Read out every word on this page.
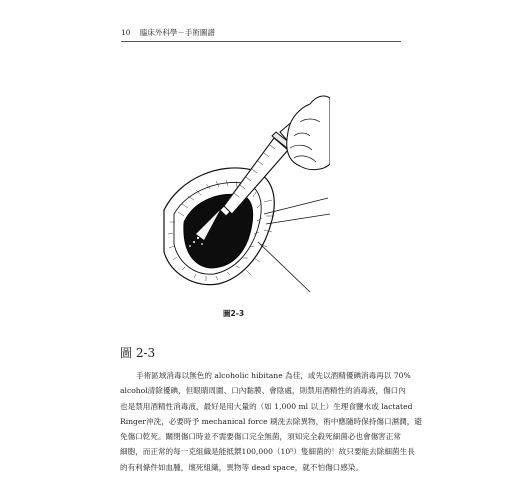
10 臨床外科學－手術圖譜
圖2-3
圖 2-3
手術區域消毒以無色的 alcoholic hibitane 為佳，或先以酒精優碘消毒再以 70%
alcohol清除優碘，但眼睛周圍、口內黏膜、會陰處，則禁用酒精性的消毒液，傷口內
也是禁用酒精性消毒液，最好是用大量的（如 1,000 ml 以上）生理食鹽水或 lactated
Ringer沖洗，必要時予 mechanical force 刷洗去除異物，術中應隨時保持傷口濕潤，避
免傷口乾死。關閉傷口時並不需要傷口完全無菌，須知完全殺死細菌必也會傷害正常
細胞，而正常的每一克組織是能抵禦100,000（10⁵）隻細菌的！故只要能去除細菌生長
的有利條件如血腫，壞死組織，異物等 dead space，就不怕傷口感染。
